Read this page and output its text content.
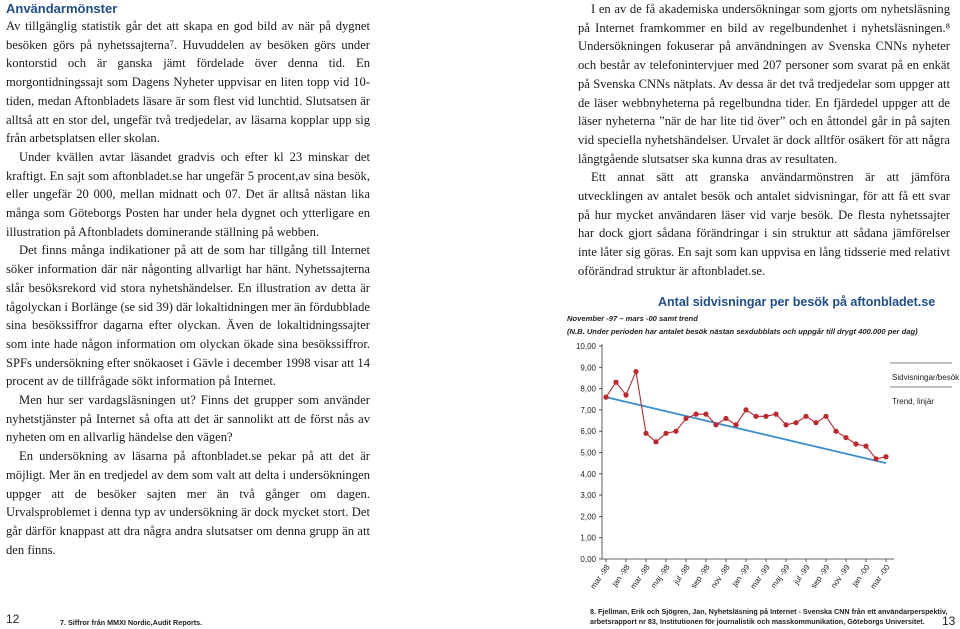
Användarmönster

Av tillgänglig statistik går det att skapa en god bild av när på dygnet besöken görs på nyhetssajterna⁷. Huvuddelen av besöken görs under kontorstid och är ganska jämt fördelade över denna tid. En morgontidningssajt som Dagens Nyheter uppvisar en liten topp vid 10-tiden, medan Aftonbladets läsare är som flest vid lunchtid. Slutsatsen är alltså att en stor del, ungefär två tredjedelar, av läsarna kopplar upp sig från arbetsplatsen eller skolan.

Under kvällen avtar läsandet gradvis och efter kl 23 minskar det kraftigt. En sajt som aftonbladet.se har ungefär 5 procent,av sina besök, eller ungefär 20 000, mellan midnatt och 07. Det är alltså nästan lika många som Göteborgs Posten har under hela dygnet och ytterligare en illustration på Aftonbladets dominerande ställning på webben.

Det finns många indikationer på att de som har tillgång till Internet söker information där när någonting allvarligt har hänt. Nyhetssajterna slår besöksrekord vid stora nyhetshändelser. En illustration av detta är tågolyckan i Borlänge (se sid 39) där lokaltidningen mer än fördubblade sina besökssiffror dagarna efter olyckan. Även de lokaltidningssajter som inte hade någon information om olyckan ökade sina besökssiffror. SPFs undersökning efter snökaoset i Gävle i december 1998 visar att 14 procent av de tillfrågade sökt information på Internet.

Men hur ser vardagsläsningen ut? Finns det grupper som använder nyhetstjänster på Internet så ofta att det är sannolikt att de först nås av nyheten om en allvarlig händelse den vägen?

En undersökning av läsarna på aftonbladet.se pekar på att det är möjligt. Mer än en tredjedel av dem som valt att delta i undersökningen uppger att de besöker sajten mer än två gånger om dagen. Urvalsproblemet i denna typ av undersökning är dock mycket stort. Det går därför knappast att dra några andra slutsatser om denna grupp än att den finns.

I en av de få akademiska undersökningar som gjorts om nyhetsläsning på Internet framkommer en bild av regelbundenhet i nyhetsläsningen.⁸ Undersökningen fokuserar på användningen av Svenska CNNs nyheter och består av telefonintervjuer med 207 personer som svarat på en enkät på Svenska CNNs nätplats. Av dessa är det två tredjedelar som uppger att de läser webbnyheterna på regelbundna tider. En fjärdedel uppger att de läser nyheterna ”när de har lite tid över” och en åttondel går in på sajten vid speciella nyhetshändelser. Urvalet är dock alltför osäkert för att några långtgående slutsatser ska kunna dras av resultaten.

Ett annat sätt att granska användarmönstren är att jämföra utvecklingen av antalet besök och antalet sidvisningar, för att få ett svar på hur mycket användaren läser vid varje besök. De flesta nyhetssajter har dock gjort sådana förändringar i sin struktur att sådana jämförelser inte låter sig göras. En sajt som kan uppvisa en lång tidsserie med relativt oförändrad struktur är aftonbladet.se.

Antal sidvisningar per besök på aftonbladet.se
November -97 – mars -00 samt trend
(N.B. Under perioden har antalet besök nästan sexdubblats och uppgår till drygt 400.000 per dag)
0,00
1,00
2,00
3,00
4,00
5,00
6,00
7,00
8,00
9,00
10,00
mar -98
jan -98
mar -98
maj -98 jul -98
sep -98
nov -98
jan -99
mar -99
maj -99 jul -99
sep -99
nov -99
jan -00
mar -00
Sidvisningar/besök
Trend, linjär
12	7. Siffror från MMXI Nordic,Audit Reports.
8. Fjellman, Erik och Sjögren, Jan, Nyhetsläsning på Internet - Svenska CNN från ett användarperspektiv,
arbetsrapport nr 83, Institutionen för journalistik och masskommunikation, Göteborgs Universitet. 13
